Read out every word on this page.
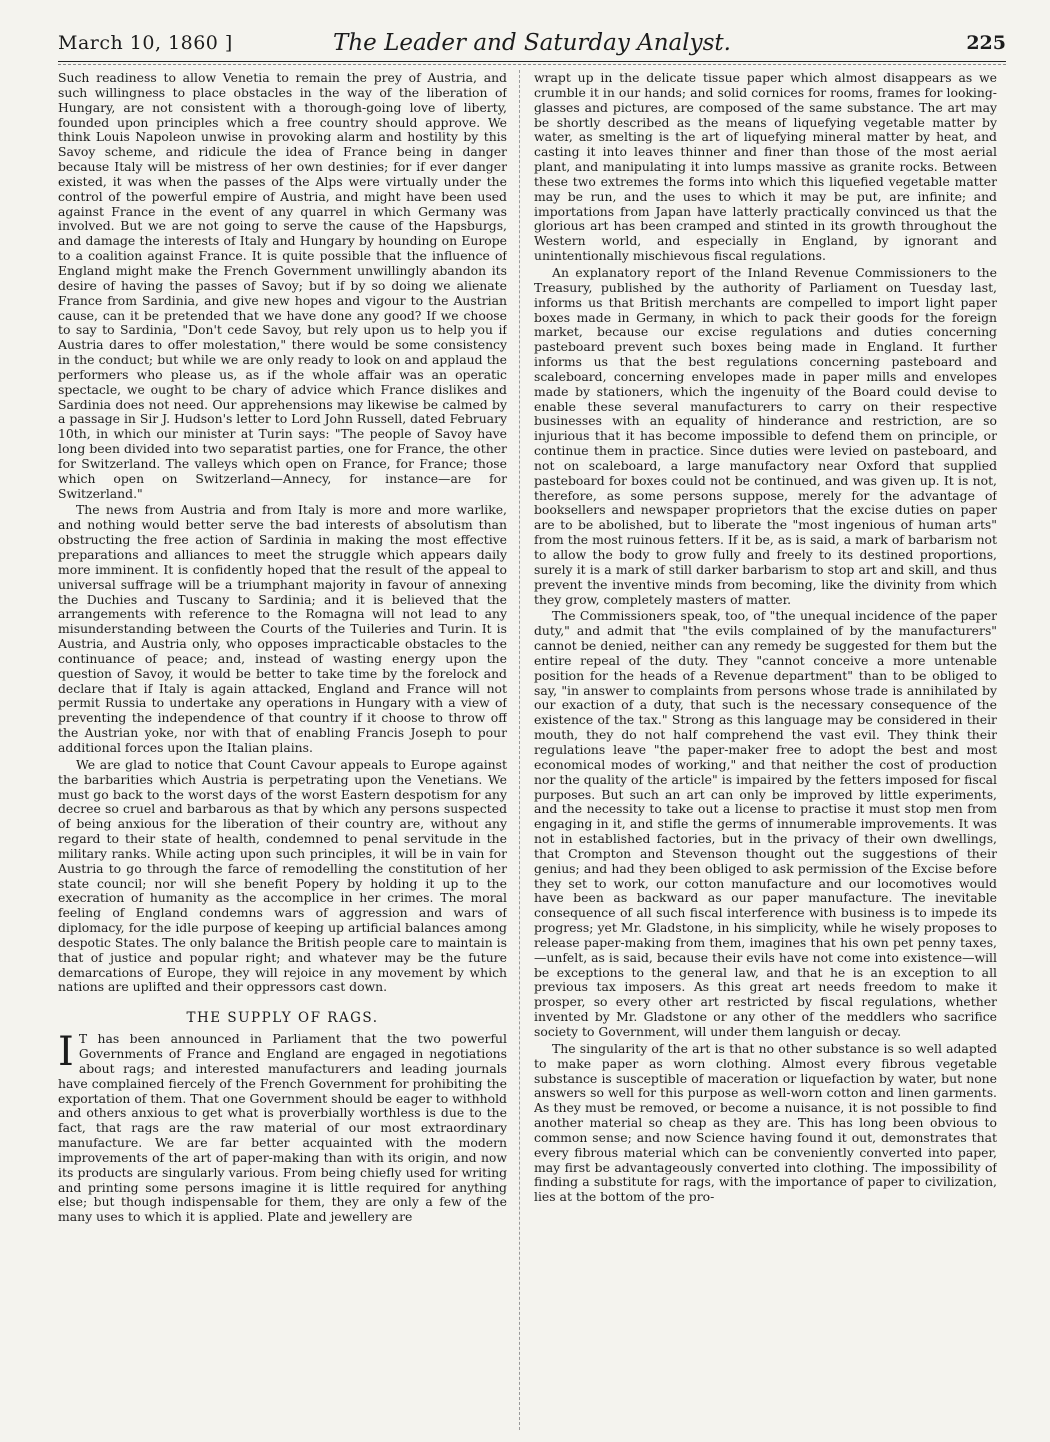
March 10, 1860 ]	The Leader and Saturday Analyst.	225

Such readiness to allow Venetia to remain the prey of Austria, and such willingness to place obstacles in the way of the liberation of Hungary, are not consistent with a thorough-going love of liberty, founded upon principles which a free country should approve. We think Louis Napoleon unwise in provoking alarm and hostility by this Savoy scheme, and ridicule the idea of France being in danger because Italy will be mistress of her own destinies; for if ever danger existed, it was when the passes of the Alps were virtually under the control of the powerful empire of Austria, and might have been used against France in the event of any quarrel in which Germany was involved. But we are not going to serve the cause of the Hapsburgs, and damage the interests of Italy and Hungary by hounding on Europe to a coalition against France. It is quite possible that the influence of England might make the French Government unwillingly abandon its desire of having the passes of Savoy; but if by so doing we alienate France from Sardinia, and give new hopes and vigour to the Austrian cause, can it be pretended that we have done any good? If we choose to say to Sardinia, "Don't cede Savoy, but rely upon us to help you if Austria dares to offer molestation," there would be some consistency in the conduct; but while we are only ready to look on and applaud the performers who please us, as if the whole affair was an operatic spectacle, we ought to be chary of advice which France dislikes and Sardinia does not need. Our apprehensions may likewise be calmed by a passage in Sir J. Hudson's letter to Lord John Russell, dated February 10th, in which our minister at Turin says: "The people of Savoy have long been divided into two separatist parties, one for France, the other for Switzerland. The valleys which open on France, for France; those which open on Switzerland—Annecy, for instance—are for Switzerland."

The news from Austria and from Italy is more and more warlike, and nothing would better serve the bad interests of absolutism than obstructing the free action of Sardinia in making the most effective preparations and alliances to meet the struggle which appears daily more imminent. It is confidently hoped that the result of the appeal to universal suffrage will be a triumphant majority in favour of annexing the Duchies and Tuscany to Sardinia; and it is believed that the arrangements with reference to the Romagna will not lead to any misunderstanding between the Courts of the Tuileries and Turin. It is Austria, and Austria only, who opposes impracticable obstacles to the continuance of peace; and, instead of wasting energy upon the question of Savoy, it would be better to take time by the forelock and declare that if Italy is again attacked, England and France will not permit Russia to undertake any operations in Hungary with a view of preventing the independence of that country if it choose to throw off the Austrian yoke, nor with that of enabling Francis Joseph to pour additional forces upon the Italian plains.

We are glad to notice that Count Cavour appeals to Europe against the barbarities which Austria is perpetrating upon the Venetians. We must go back to the worst days of the worst Eastern despotism for any decree so cruel and barbarous as that by which any persons suspected of being anxious for the liberation of their country are, without any regard to their state of health, condemned to penal servitude in the military ranks. While acting upon such principles, it will be in vain for Austria to go through the farce of remodelling the constitution of her state council; nor will she benefit Popery by holding it up to the execration of humanity as the accomplice in her crimes. The moral feeling of England condemns wars of aggression and wars of diplomacy, for the idle purpose of keeping up artificial balances among despotic States. The only balance the British people care to maintain is that of justice and popular right; and whatever may be the future demarcations of Europe, they will rejoice in any movement by which nations are uplifted and their oppressors cast down.

THE SUPPLY OF RAGS.

I T has been announced in Parliament that the two powerful Governments of France and England are engaged in negotiations about rags; and interested manufacturers and leading journals have complained fiercely of the French Government for prohibiting the exportation of them. That one Government should be eager to withhold and others anxious to get what is proverbially worthless is due to the fact, that rags are the raw material of our most extraordinary manufacture. We are far better acquainted with the modern improvements of the art of paper-making than with its origin, and now its products are singularly various. From being chiefly used for writing and printing some persons imagine it is little required for anything else; but though indispensable for them, they are only a few of the many uses to which it is applied. Plate and jewellery are

wrapt up in the delicate tissue paper which almost disappears as we crumble it in our hands; and solid cornices for rooms, frames for looking-glasses and pictures, are composed of the same substance. The art may be shortly described as the means of liquefying vegetable matter by water, as smelting is the art of liquefying mineral matter by heat, and casting it into leaves thinner and finer than those of the most aerial plant, and manipulating it into lumps massive as granite rocks. Between these two extremes the forms into which this liquefied vegetable matter may be run, and the uses to which it may be put, are infinite; and importations from Japan have latterly practically convinced us that the glorious art has been cramped and stinted in its growth throughout the Western world, and especially in England, by ignorant and unintentionally mischievous fiscal regulations.

An explanatory report of the Inland Revenue Commissioners to the Treasury, published by the authority of Parliament on Tuesday last, informs us that British merchants are compelled to import light paper boxes made in Germany, in which to pack their goods for the foreign market, because our excise regulations and duties concerning pasteboard prevent such boxes being made in England. It further informs us that the best regulations concerning pasteboard and scaleboard, concerning envelopes made in paper mills and envelopes made by stationers, which the ingenuity of the Board could devise to enable these several manufacturers to carry on their respective businesses with an equality of hinderance and restriction, are so injurious that it has become impossible to defend them on principle, or continue them in practice. Since duties were levied on pasteboard, and not on scaleboard, a large manufactory near Oxford that supplied pasteboard for boxes could not be continued, and was given up. It is not, therefore, as some persons suppose, merely for the advantage of booksellers and newspaper proprietors that the excise duties on paper are to be abolished, but to liberate the "most ingenious of human arts" from the most ruinous fetters. If it be, as is said, a mark of barbarism not to allow the body to grow fully and freely to its destined proportions, surely it is a mark of still darker barbarism to stop art and skill, and thus prevent the inventive minds from becoming, like the divinity from which they grow, completely masters of matter.

The Commissioners speak, too, of "the unequal incidence of the paper duty," and admit that "the evils complained of by the manufacturers" cannot be denied, neither can any remedy be suggested for them but the entire repeal of the duty. They "cannot conceive a more untenable position for the heads of a Revenue department" than to be obliged to say, "in answer to complaints from persons whose trade is annihilated by our exaction of a duty, that such is the necessary consequence of the existence of the tax." Strong as this language may be considered in their mouth, they do not half comprehend the vast evil. They think their regulations leave "the paper-maker free to adopt the best and most economical modes of working," and that neither the cost of production nor the quality of the article" is impaired by the fetters imposed for fiscal purposes. But such an art can only be improved by little experiments, and the necessity to take out a license to practise it must stop men from engaging in it, and stifle the germs of innumerable improvements. It was not in established factories, but in the privacy of their own dwellings, that Crompton and Stevenson thought out the suggestions of their genius; and had they been obliged to ask permission of the Excise before they set to work, our cotton manufacture and our locomotives would have been as backward as our paper manufacture. The inevitable consequence of all such fiscal interference with business is to impede its progress; yet Mr. Gladstone, in his simplicity, while he wisely proposes to release paper-making from them, imagines that his own pet penny taxes, —unfelt, as is said, because their evils have not come into existence—will be exceptions to the general law, and that he is an exception to all previous tax imposers. As this great art needs freedom to make it prosper, so every other art restricted by fiscal regulations, whether invented by Mr. Gladstone or any other of the meddlers who sacrifice society to Government, will under them languish or decay.

The singularity of the art is that no other substance is so well adapted to make paper as worn clothing. Almost every fibrous vegetable substance is susceptible of maceration or liquefaction by water, but none answers so well for this purpose as well-worn cotton and linen garments. As they must be removed, or become a nuisance, it is not possible to find another material so cheap as they are. This has long been obvious to common sense; and now Science having found it out, demonstrates that every fibrous material which can be conveniently converted into paper, may first be advantageously converted into clothing. The impossibility of finding a substitute for rags, with the importance of paper to civilization, lies at the bottom of the pro-
